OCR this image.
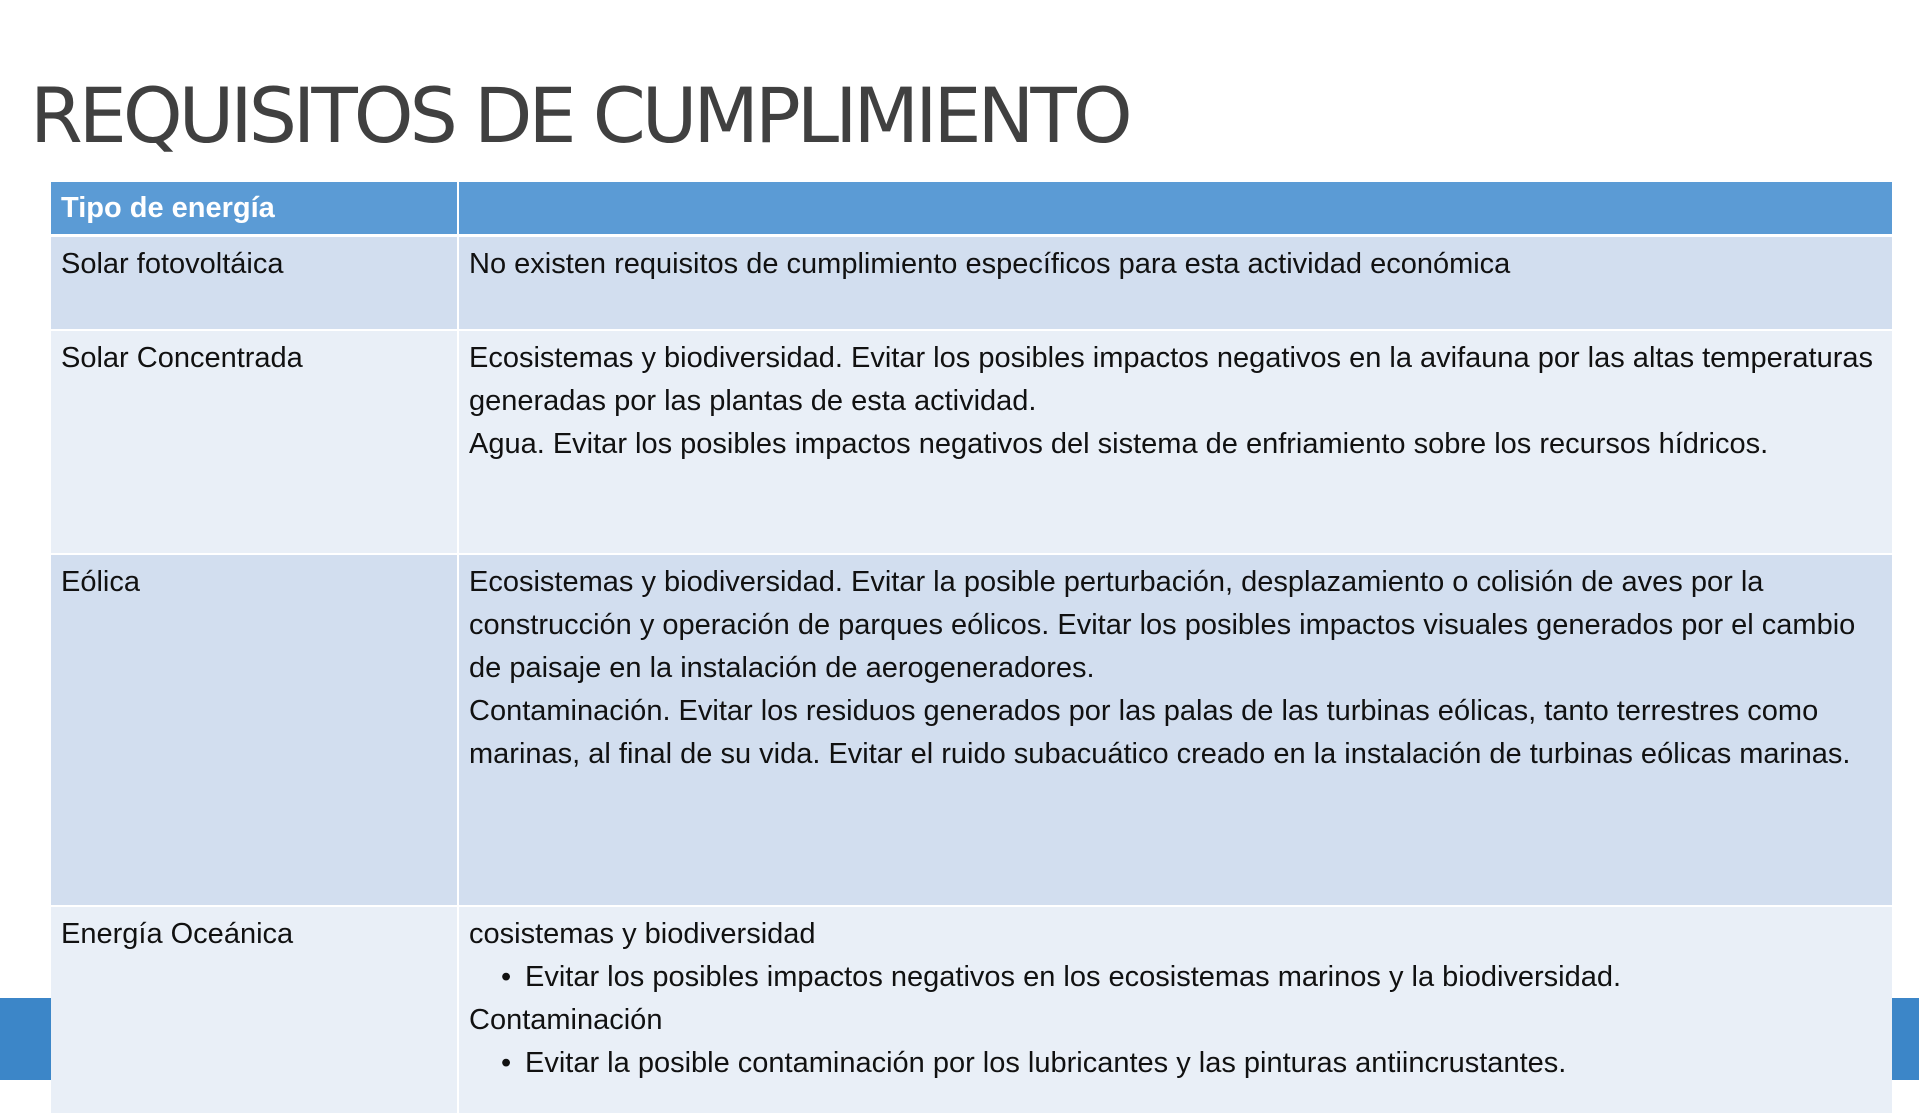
REQUISITOS DE CUMPLIMIENTO
Tipo de energía	
Solar fotovoltáica	No existen requisitos de cumplimiento específicos para esta actividad económica

Solar Concentrada	Ecosistemas y biodiversidad. Evitar los posibles impactos negativos en la avifauna por las altas temperaturas generadas por las plantas de esta actividad.
Agua. Evitar los posibles impactos negativos del sistema de enfriamiento sobre los recursos hídricos.

Eólica	Ecosistemas y biodiversidad. Evitar la posible perturbación, desplazamiento o colisión de aves por la construcción y operación de parques eólicos. Evitar los posibles impactos visuales generados por el cambio de paisaje en la instalación de aerogeneradores.
Contaminación. Evitar los residuos generados por las palas de las turbinas eólicas, tanto terrestres como marinas, al final de su vida. Evitar el ruido subacuático creado en la instalación de turbinas eólicas marinas.

Energía Oceánica	cosistemas y biodiversidad
• Evitar los posibles impactos negativos en los ecosistemas marinos y la biodiversidad.
Contaminación
• Evitar la posible contaminación por los lubricantes y las pinturas antiincrustantes.
